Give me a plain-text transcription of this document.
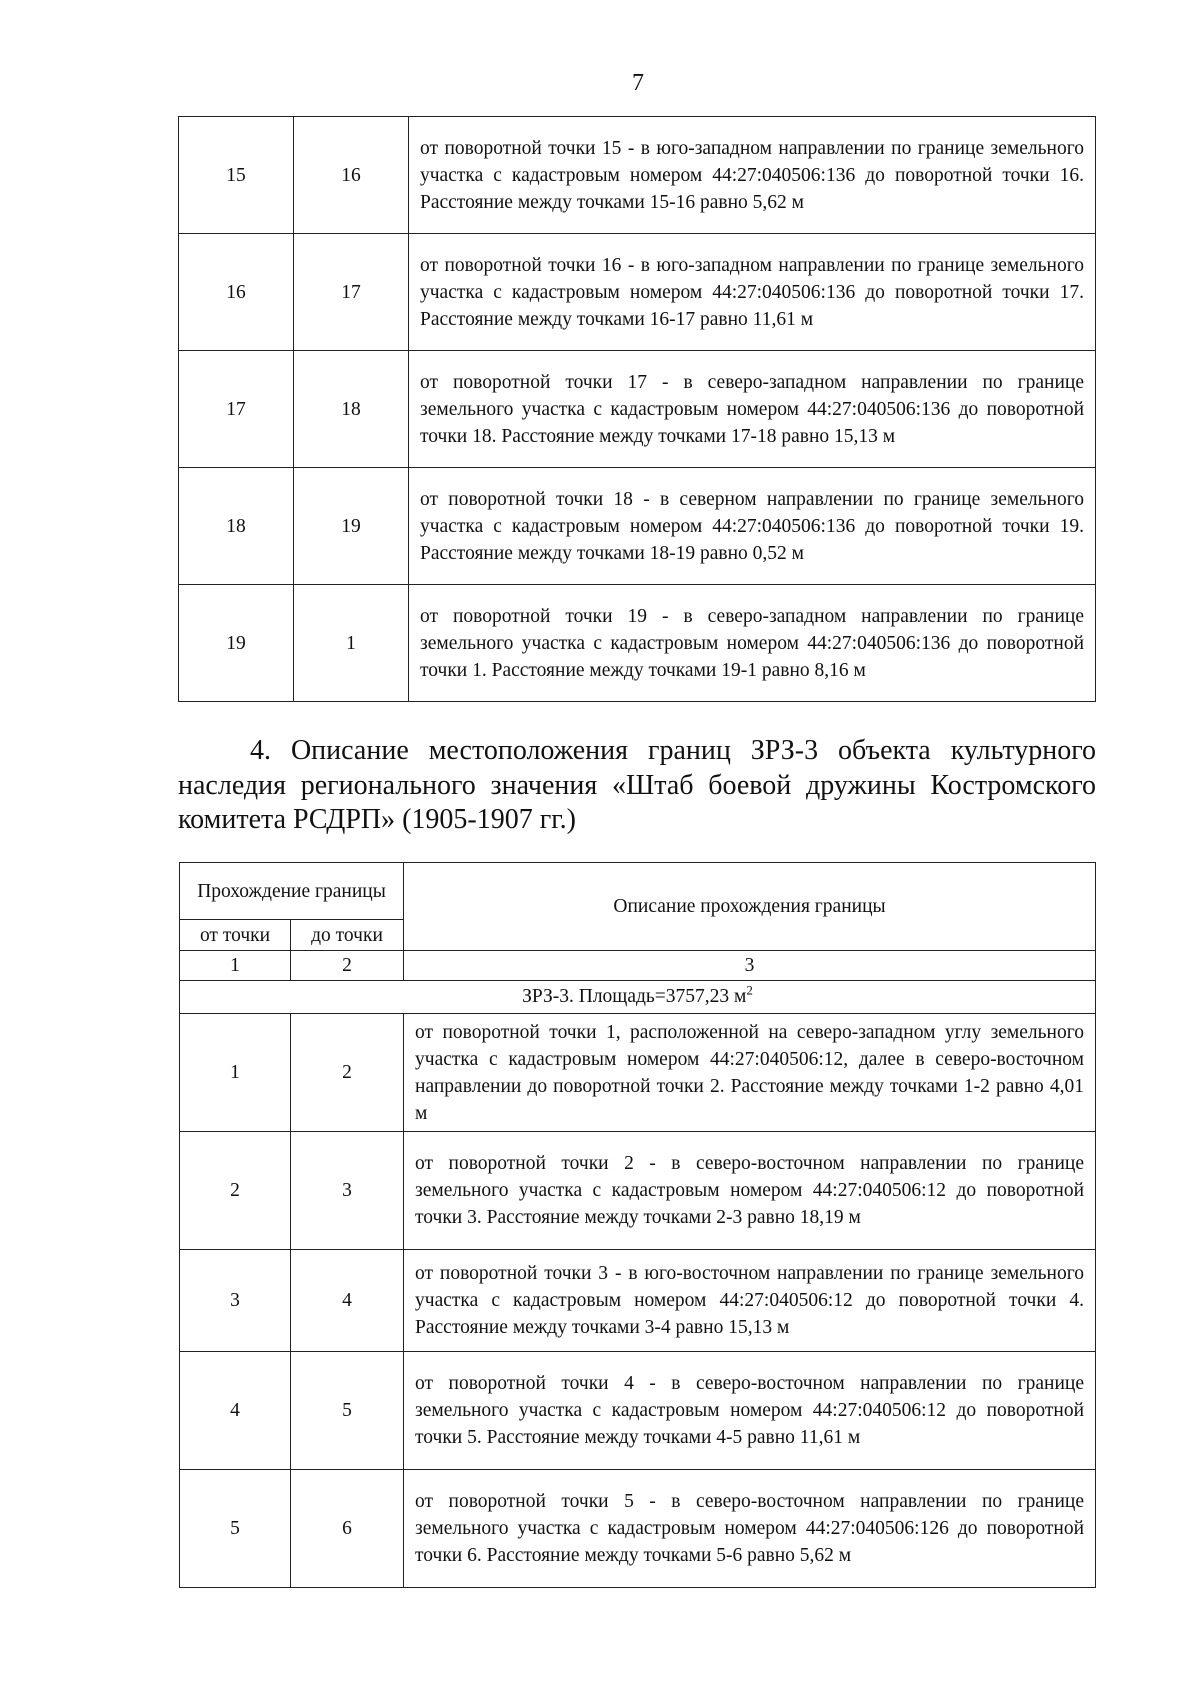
7
15	16	от поворотной точки 15 - в юго-западном направлении по границе земельного участка с кадастровым номером 44:27:040506:136 до поворотной точки 16. Расстояние между точками 15-16 равно 5,62 м
16	17	от поворотной точки 16 - в юго-западном направлении по границе земельного участка с кадастровым номером 44:27:040506:136 до поворотной точки 17. Расстояние между точками 16-17 равно 11,61 м
17	18	от поворотной точки 17 - в северо-западном направлении по границе земельного участка с кадастровым номером 44:27:040506:136 до поворотной точки 18. Расстояние между точками 17-18 равно 15,13 м
18	19	от поворотной точки 18 - в северном направлении по границе земельного участка с кадастровым номером 44:27:040506:136 до поворотной точки 19. Расстояние между точками 18-19 равно 0,52 м
19	1	от поворотной точки 19 - в северо-западном направлении по границе земельного участка с кадастровым номером 44:27:040506:136 до поворотной точки 1. Расстояние между точками 19-1 равно 8,16 м
4. Описание местоположения границ ЗРЗ-3 объекта культурного наследия регионального значения «Штаб боевой дружины Костромского комитета РСДРП» (1905-1907 гг.)
Прохождение границы		Описание прохождения границы
от точки	до точки	
1	2	3
ЗРЗ-3. Площадь=3757,23 $м^2$
1	2	от поворотной точки 1, расположенной на северо-западном углу земельного участка с кадастровым номером 44:27:040506:12, далее в северо-восточном направлении до поворотной точки 2. Расстояние между точками 1-2 равно 4,01 м
2	3	от поворотной точки 2 - в северо-восточном направлении по границе земельного участка с кадастровым номером 44:27:040506:12 до поворотной точки 3. Расстояние между точками 2-3 равно 18,19 м
3	4	от поворотной точки 3 - в юго-восточном направлении по границе земельного участка с кадастровым номером 44:27:040506:12 до поворотной точки 4. Расстояние между точками 3-4 равно 15,13 м
4	5	от поворотной точки 4 - в северо-восточном направлении по границе земельного участка с кадастровым номером 44:27:040506:12 до поворотной точки 5. Расстояние между точками 4-5 равно 11,61 м
5	6	от поворотной точки 5 - в северо-восточном направлении по границе земельного участка с кадастровым номером 44:27:040506:126 до поворотной точки 6. Расстояние между точками 5-6 равно 5,62 м
